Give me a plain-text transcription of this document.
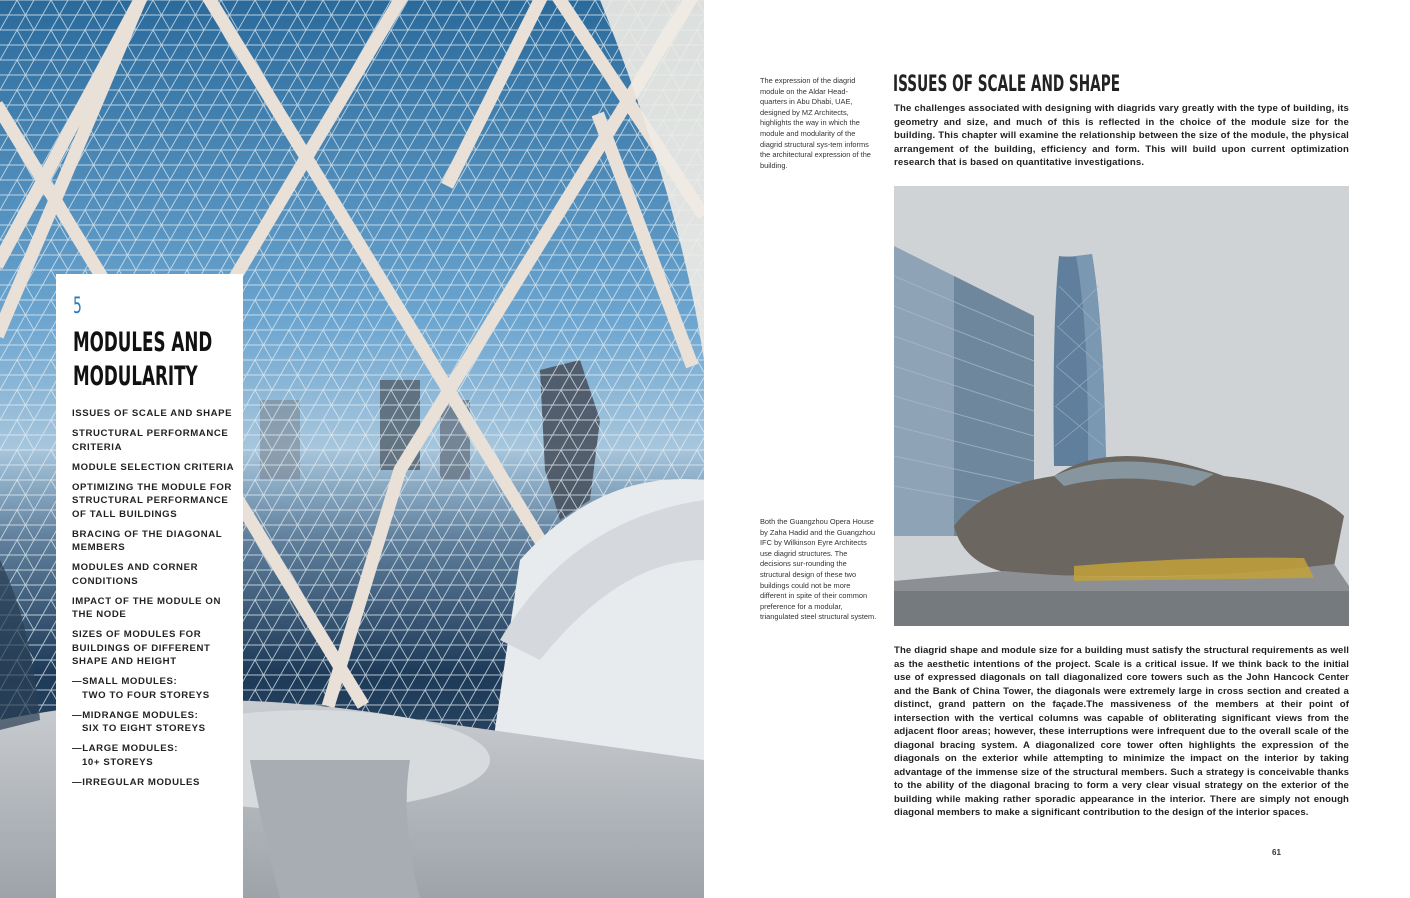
5
MODULES AND MODULARITY
ISSUES OF SCALE AND SHAPE
STRUCTURAL PERFORMANCE CRITERIA
MODULE SELECTION CRITERIA
OPTIMIZING THE MODULE FOR STRUCTURAL PERFORMANCE OF TALL BUILDINGS
BRACING OF THE DIAGONAL MEMBERS
MODULES AND CORNER CONDITIONS
IMPACT OF THE MODULE ON THE NODE
SIZES OF MODULES FOR BUILDINGS OF DIFFERENT SHAPE AND HEIGHT
—SMALL MODULES:
TWO TO FOUR STOREYS
—MIDRANGE MODULES:
SIX TO EIGHT STOREYS
—LARGE MODULES:
10+ STOREYS
—IRREGULAR MODULES
The expression of the diagrid module on the Aldar Head-quarters in Abu Dhabi, UAE, designed by MZ Architects, highlights the way in which the module and modularity of the diagrid structural sys-tem informs the architectural expression of the building.
ISSUES OF SCALE AND SHAPE
The challenges associated with designing with diagrids vary greatly with the type of building, its geometry and size, and much of this is reflected in the choice of the module size for the building. This chapter will examine the relationship between the size of the module, the physical arrangement of the building, efficiency and form. This will build upon current optimization research that is based on quantitative investigations.
Both the Guangzhou Opera House by Zaha Hadid and the Guangzhou IFC by Wilkinson Eyre Architects use diagrid structures. The decisions sur-rounding the structural design of these two buildings could not be more different in spite of their common preference for a modular, triangulated steel structural system.
The diagrid shape and module size for a building must satisfy the structural requirements as well as the aesthetic intentions of the project. Scale is a critical issue. If we think back to the initial use of expressed diagonals on tall diagonalized core towers such as the John Hancock Center and the Bank of China Tower, the diagonals were extremely large in cross section and created a distinct, grand pattern on the façade.The massiveness of the members at their point of intersection with the vertical columns was capable of obliterating significant views from the adjacent floor areas; however, these interruptions were infrequent due to the overall scale of the diagonal bracing system. A diagonalized core tower often highlights the expression of the diagonals on the exterior while attempting to minimize the impact on the interior by taking advantage of the immense size of the structural members. Such a strategy is conceivable thanks to the ability of the diagonal bracing to form a very clear visual strategy on the exterior of the building while making rather sporadic appearance in the interior. There are simply not enough diagonal members to make a significant contribution to the design of the interior spaces.
61
